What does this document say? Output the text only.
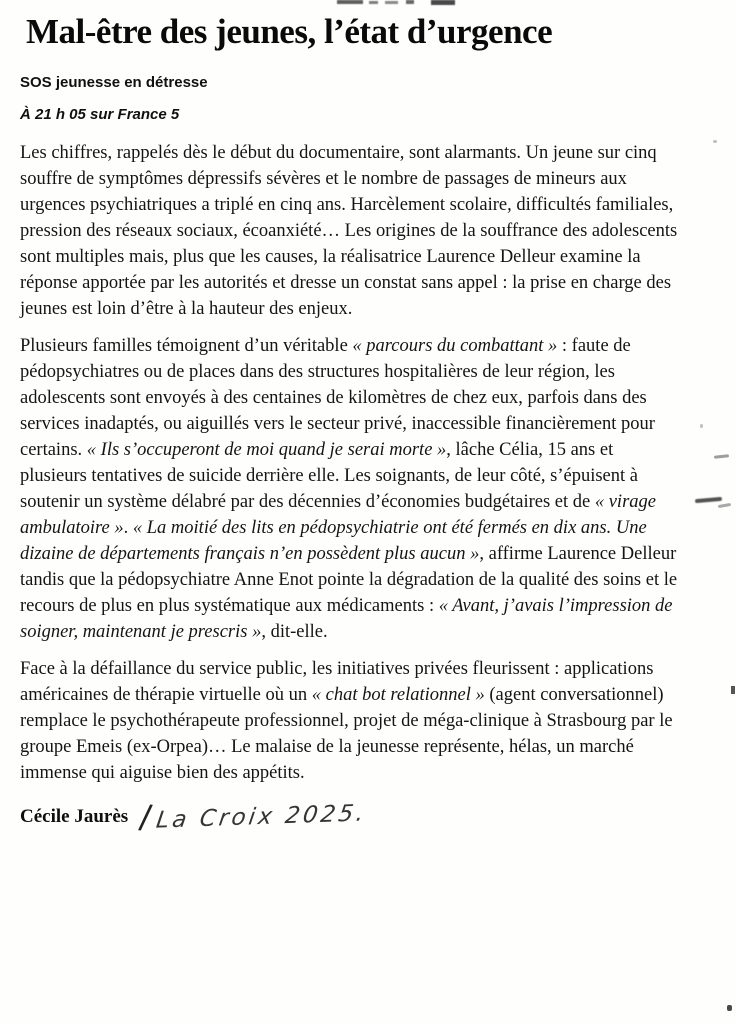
Mal-être des jeunes, l’état d’urgence
SOS jeunesse en détresse
À 21 h 05 sur France 5

Les chiffres, rappelés dès le début du documentaire, sont alarmants. Un jeune sur cinq souffre de symptômes dépressifs sévères et le nombre de passages de mineurs aux urgences psychiatriques a triplé en cinq ans. Harcèlement scolaire, difficultés familiales, pression des réseaux sociaux, écoanxiété… Les origines de la souffrance des adolescents sont multiples mais, plus que les causes, la réalisatrice Laurence Delleur examine la réponse apportée par les autorités et dresse un constat sans appel : la prise en charge des jeunes est loin d’être à la hauteur des enjeux.

Plusieurs familles témoignent d’un véritable « parcours du combattant » : faute de pédopsychiatres ou de places dans des structures hospitalières de leur région, les adolescents sont envoyés à des centaines de kilomètres de chez eux, parfois dans des services inadaptés, ou aiguillés vers le secteur privé, inaccessible financièrement pour certains. « Ils s’occuperont de moi quand je serai morte », lâche Célia, 15 ans et plusieurs tentatives de suicide derrière elle. Les soignants, de leur côté, s’épuisent à soutenir un système délabré par des décennies d’économies budgétaires et de « virage ambulatoire ». « La moitié des lits en pédopsychiatrie ont été fermés en dix ans. Une dizaine de départements français n’en possèdent plus aucun », affirme Laurence Delleur tandis que la pédopsychiatre Anne Enot pointe la dégradation de la qualité des soins et le recours de plus en plus systématique aux médicaments : « Avant, j’avais l’impression de soigner, maintenant je prescris », dit-elle.

Face à la défaillance du service public, les initiatives privées fleurissent : applications américaines de thérapie virtuelle où un « chat bot relationnel » (agent conversationnel) remplace le psychothérapeute professionnel, projet de méga-clinique à Strasbourg par le groupe Emeis (ex-Orpea)… Le malaise de la jeunesse représente, hélas, un marché immense qui aiguise bien des appétits.

Cécile Jaurès /La Croix 2025.
